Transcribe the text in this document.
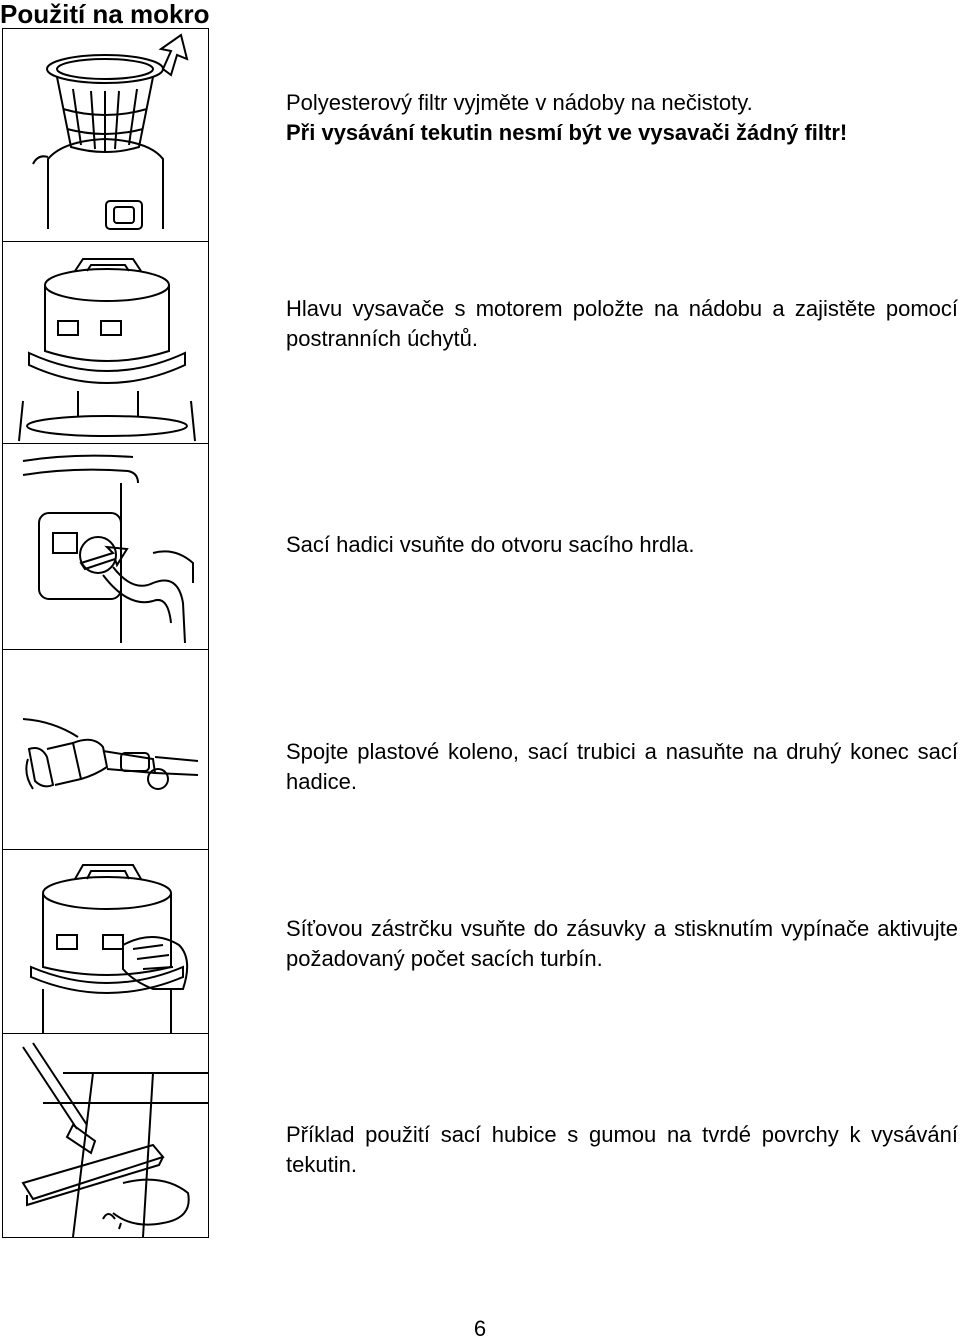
Použití na mokro
Polyesterový filtr vyjměte v nádoby na nečistoty.
Při vysávání tekutin nesmí být ve vysavači žádný filtr!
Hlavu vysavače s motorem položte na nádobu a zajistěte pomocí postranních úchytů.
Sací hadici vsuňte do otvoru sacího hrdla.
Spojte plastové koleno, sací trubici a nasuňte na druhý konec sací hadice.
Síťovou zástrčku vsuňte do zásuvky a stisknutím vypínače aktivujte požadovaný počet sacích turbín.
Příklad použití sací hubice s gumou na tvrdé povrchy k vysávání tekutin.
6
